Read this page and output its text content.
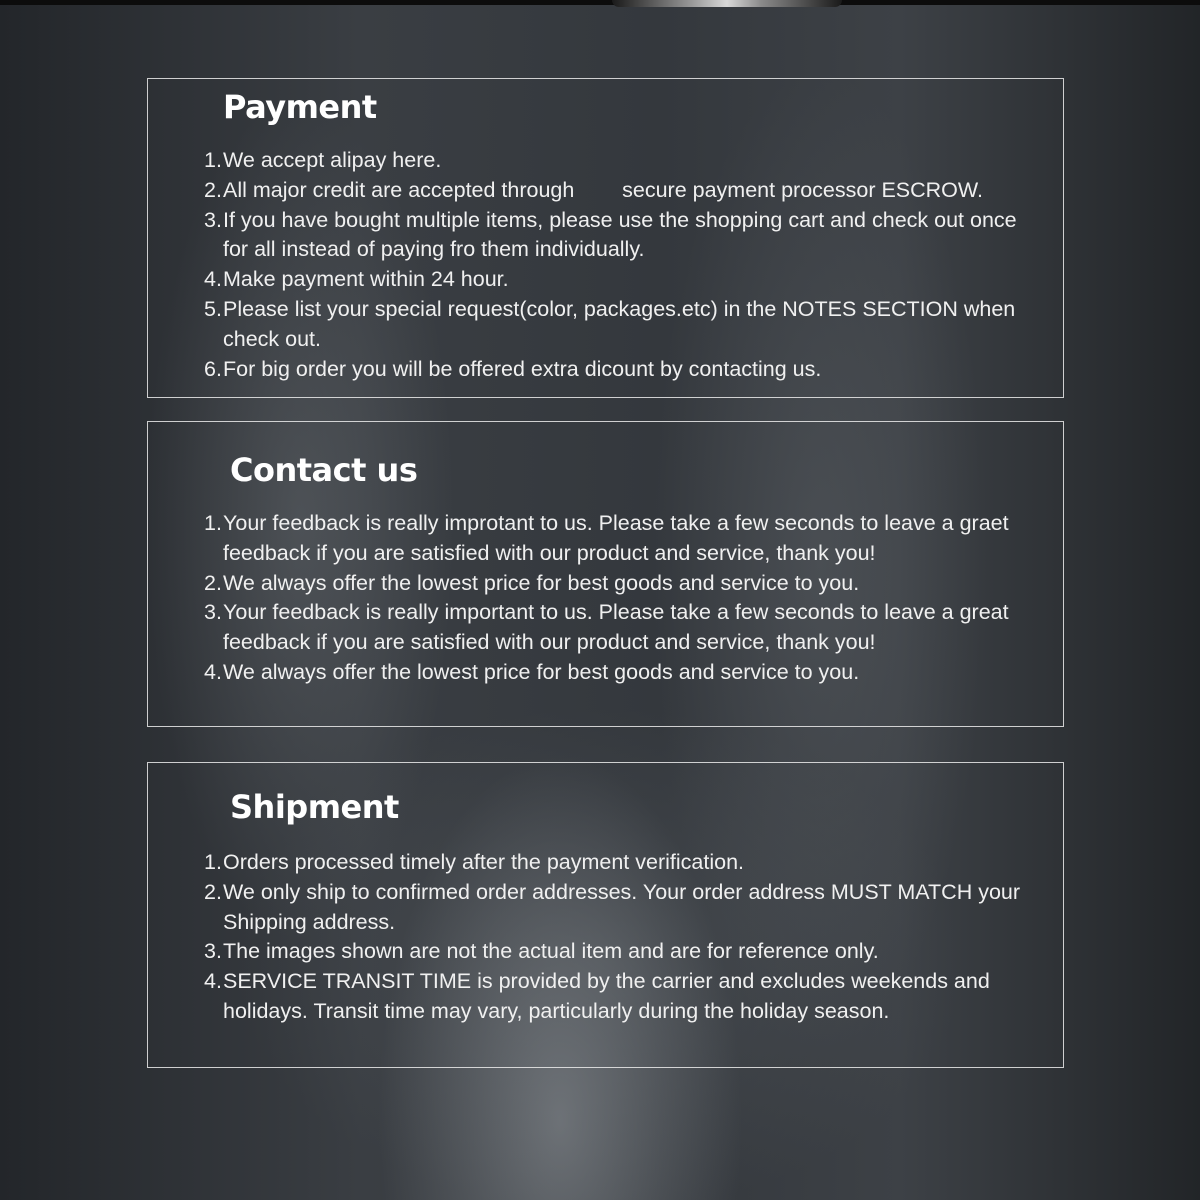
Payment
1. We accept alipay here.
2. All major credit are accepted through        secure payment processor ESCROW.
3. If you have bought multiple items, please use the shopping cart and check out once for all instead of paying fro them individually.
4. Make payment within 24 hour.
5. Please list your special request(color, packages.etc) in the NOTES SECTION when check out.
6. For big order you will be offered extra dicount by contacting us.
Contact us
1. Your feedback is really improtant to us. Please take a few seconds to leave a graet feedback if you are satisfied with our product and service, thank you!
2. We always offer the lowest price for best goods and service to you.
3. Your feedback is really important to us. Please take a few seconds to leave a great feedback if you are satisfied with our product and service, thank you!
4. We always offer the lowest price for best goods and service to you.
Shipment
1. Orders processed timely after the payment verification.
2. We only ship to confirmed order addresses. Your order address MUST MATCH your Shipping address.
3. The images shown are not the actual item and are for reference only.
4. SERVICE TRANSIT TIME is provided by the carrier and excludes weekends and holidays. Transit time may vary, particularly during the holiday season.
